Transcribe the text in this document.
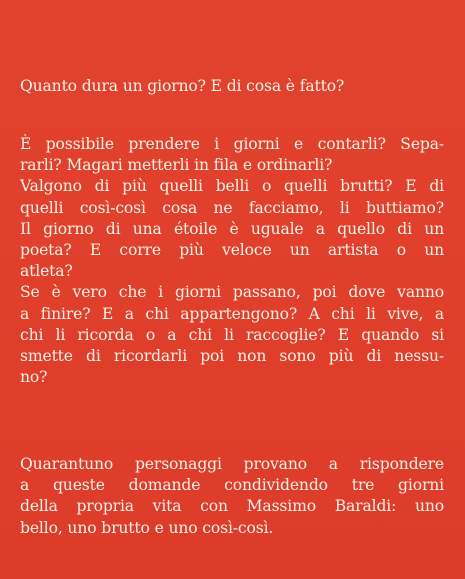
Quanto dura un giorno? E di cosa è fatto?
È possibile prendere i giorni e contarli? Sepa-
rarli? Magari metterli in fila e ordinarli?
Valgono di più quelli belli o quelli brutti? E di
quelli così-così cosa ne facciamo, li buttiamo?
Il giorno di una étoile è uguale a quello di un
poeta? E corre più veloce un artista o un
atleta?
Se è vero che i giorni passano, poi dove vanno
a finire? E a chi appartengono? A chi li vive, a
chi li ricorda o a chi li raccoglie? E quando si
smette di ricordarli poi non sono più di nessu-
no?
Quarantuno personaggi provano a rispondere
a queste domande condividendo tre giorni
della propria vita con Massimo Baraldi: uno
bello, uno brutto e uno così-così.
